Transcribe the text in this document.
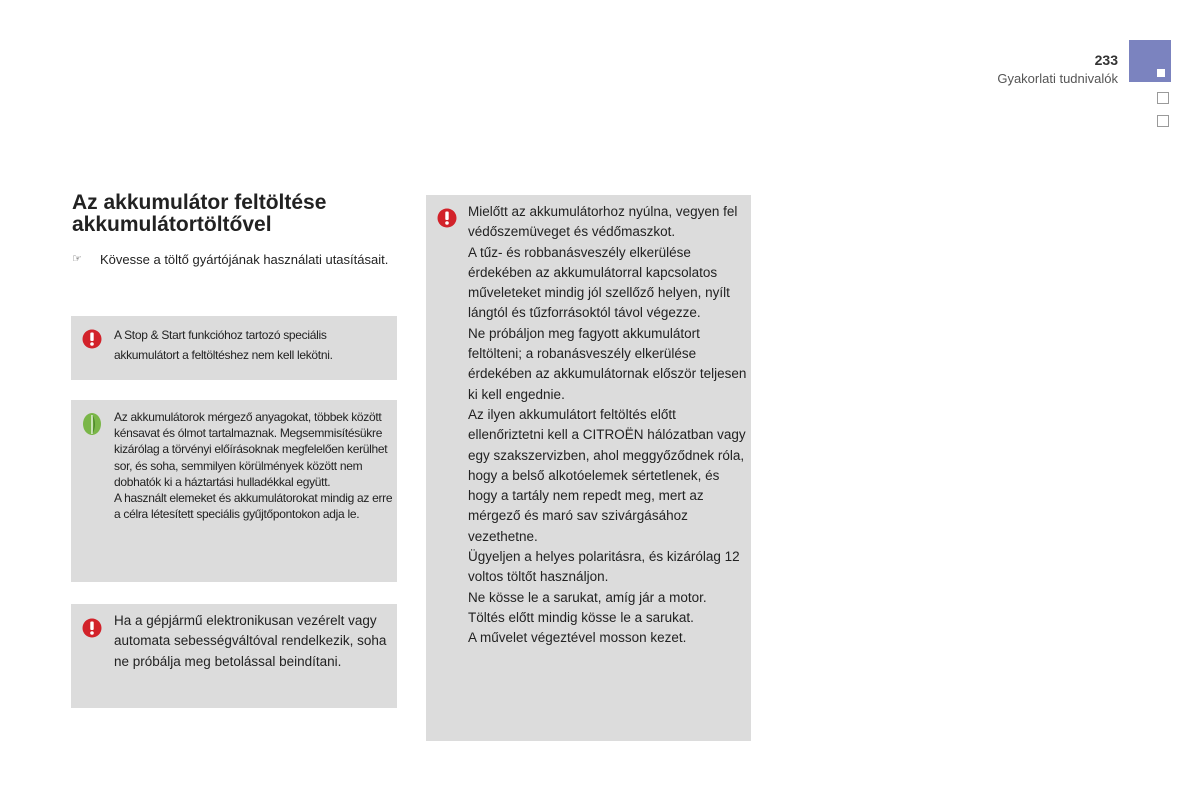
233
Gyakorlati tudnivalók
Az akkumulátor feltöltése
akkumulátortöltővel
☞	Kövesse a töltő gyártójának használati utasításait.
A Stop & Start funkcióhoz tartozó speciális akkumulátort a feltöltéshez nem kell lekötni.
Az akkumulátorok mérgező anyagokat, többek között kénsavat és ólmot tartalmaznak. Megsemmisítésükre kizárólag a törvényi előírásoknak megfelelően kerülhet sor, és soha, semmilyen körülmények között nem dobhatók ki a háztartási hulladékkal együtt.
A használt elemeket és akkumulátorokat mindig az erre a célra létesített speciális gyűjtőpontokon adja le.
Ha a gépjármű elektronikusan vezérelt vagy automata sebességváltóval rendelkezik, soha ne próbálja meg betolással beindítani.
Mielőtt az akkumulátorhoz nyúlna, vegyen fel védőszemüveget és védőmaszkot.
A tűz- és robbanásveszély elkerülése érdekében az akkumulátorral kapcsolatos műveleteket mindig jól szellőző helyen, nyílt lángtól és tűzforrásoktól távol végezze.
Ne próbáljon meg fagyott akkumulátort feltölteni; a robanásveszély elkerülése érdekében az akkumulátornak először teljesen ki kell engednie.
Az ilyen akkumulátort feltöltés előtt ellenőriztetni kell a CITROËN hálózatban vagy egy szakszervizben, ahol meggyőződnek róla, hogy a belső alkotóelemek sértetlenek, és hogy a tartály nem repedt meg, mert az mérgező és maró sav szivárgásához vezethetne.
Ügyeljen a helyes polaritásra, és kizárólag 12 voltos töltőt használjon.
Ne kösse le a sarukat, amíg jár a motor.
Töltés előtt mindig kösse le a sarukat.
A művelet végeztével mosson kezet.
